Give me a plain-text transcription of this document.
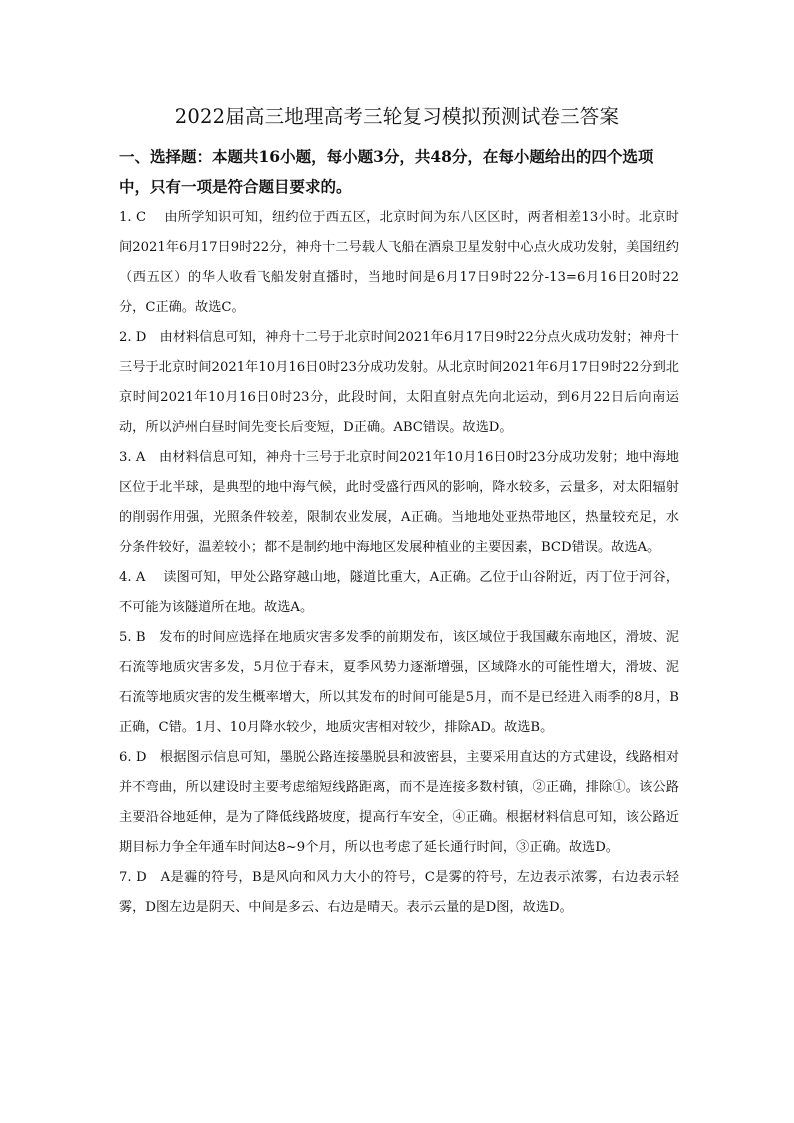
2022届高三地理高考三轮复习模拟预测试卷三答案
一、选择题：本题共16小题，每小题3分，共48分，在每小题给出的四个选项中，只有一项是符合题目要求的。

1. C　 由所学知识可知，纽约位于西五区，北京时间为东八区区时，两者相差13小时。北京时间2021年6月17日9时22分，神舟十二号载人飞船在酒泉卫星发射中心点火成功发射，美国纽约（西五区）的华人收看飞船发射直播时，当地时间是6月17日9时22分-13=6月16日20时22分，C正确。故选C。

2. D　由材料信息可知，神舟十二号于北京时间2021年6月17日9时22分点火成功发射；神舟十三号于北京时间2021年10月16日0时23分成功发射。从北京时间2021年6月17日9时22分到北京时间2021年10月16日0时23分，此段时间，太阳直射点先向北运动，到6月22日后向南运动，所以泸州白昼时间先变长后变短，D正确。ABC错误。故选D。

3. A　由材料信息可知，神舟十三号于北京时间2021年10月16日0时23分成功发射；地中海地区位于北半球，是典型的地中海气候，此时受盛行西风的影响，降水较多，云量多，对太阳辐射的削弱作用强，光照条件较差，限制农业发展，A正确。当地地处亚热带地区，热量较充足，水分条件较好，温差较小；都不是制约地中海地区发展种植业的主要因素，BCD错误。故选A。

4. A　 读图可知，甲处公路穿越山地，隧道比重大，A正确。乙位于山谷附近，丙丁位于河谷，不可能为该隧道所在地。故选A。

5. B　发布的时间应选择在地质灾害多发季的前期发布，该区域位于我国藏东南地区，滑坡、泥石流等地质灾害多发，5月位于春末，夏季风势力逐渐增强，区域降水的可能性增大，滑坡、泥石流等地质灾害的发生概率增大，所以其发布的时间可能是5月，而不是已经进入雨季的8月，B正确，C错。1月、10月降水较少，地质灾害相对较少，排除AD。故选B。

6. D　根据图示信息可知，墨脱公路连接墨脱县和波密县，主要采用直达的方式建设，线路相对并不弯曲，所以建设时主要考虑缩短线路距离，而不是连接多数村镇，②正确，排除①。该公路主要沿谷地延伸，是为了降低线路坡度，提高行车安全，④正确。根据材料信息可知，该公路近期目标力争全年通车时间达8~9个月，所以也考虑了延长通行时间，③正确。故选D。

7. D　A是霾的符号，B是风向和风力大小的符号，C是雾的符号，左边表示浓雾，右边表示轻雾，D图左边是阴天、中间是多云、右边是晴天。表示云量的是D图，故选D。
